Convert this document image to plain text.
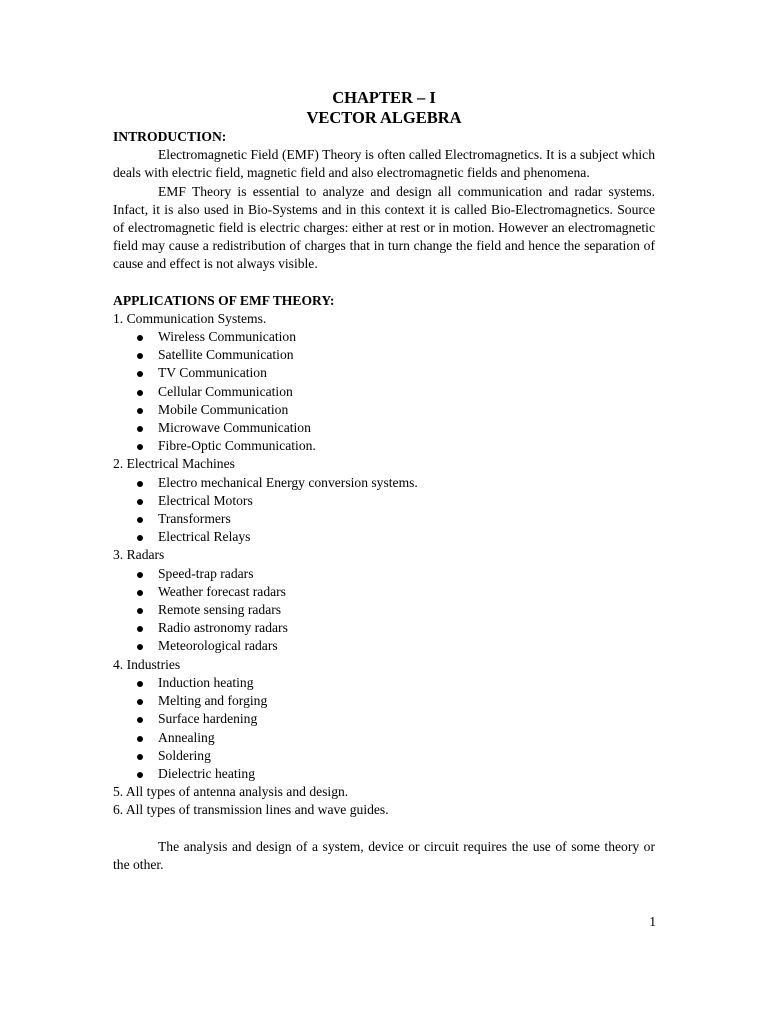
CHAPTER – I

VECTOR ALGEBRA

INTRODUCTION:

Electromagnetic Field (EMF) Theory is often called Electromagnetics. It is a subject which deals with electric field, magnetic field and also electromagnetic fields and phenomena.

EMF Theory is essential to analyze and design all communication and radar systems. Infact, it is also used in Bio-Systems and in this context it is called Bio-Electromagnetics. Source of electromagnetic field is electric charges: either at rest or in motion. However an electromagnetic field may cause a redistribution of charges that in turn change the field and hence the separation of cause and effect is not always visible.

APPLICATIONS OF EMF THEORY:

1. Communication Systems.

Wireless Communication
Satellite Communication
TV Communication
Cellular Communication
Mobile Communication
Microwave Communication
Fibre-Optic Communication.

2. Electrical Machines

Electro mechanical Energy conversion systems.
Electrical Motors
Transformers
Electrical Relays

3. Radars

Speed-trap radars
Weather forecast radars
Remote sensing radars
Radio astronomy radars
Meteorological radars

4. Industries

Induction heating
Melting and forging
Surface hardening
Annealing
Soldering
Dielectric heating

5. All types of antenna analysis and design.

6. All types of transmission lines and wave guides.

The analysis and design of a system, device or circuit requires the use of some theory or the other.

1
